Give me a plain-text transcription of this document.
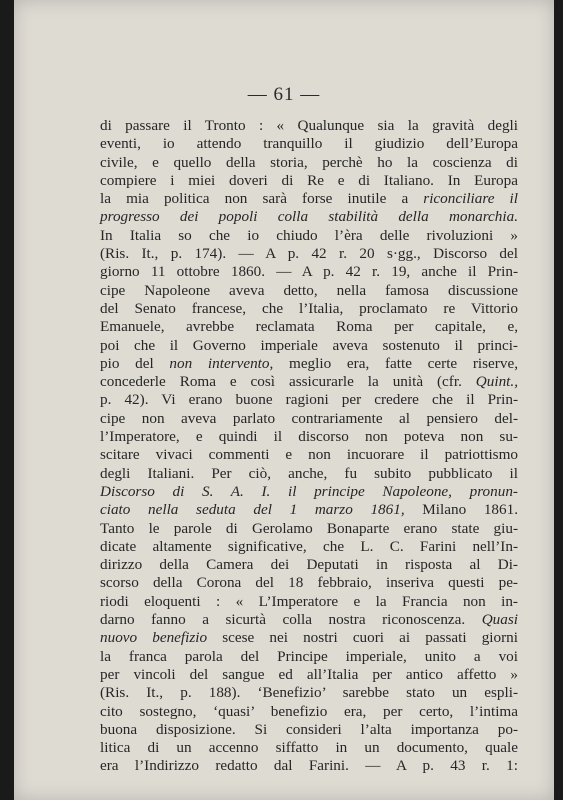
— 61 —
di passare il Tronto : « Qualunque sia la gravità degli
eventi, io attendo tranquillo il giudizio dell’Europa
civile, e quello della storia, perchè ho la coscienza di
compiere i miei doveri di Re e di Italiano. In Europa
la mia politica non sarà forse inutile a riconciliare il
progresso dei popoli colla stabilità della monarchia.
In Italia so che io chiudo l’èra delle rivoluzioni »
(Ris. It., p. 174). — A p. 42 r. 20 s·gg., Discorso del
giorno 11 ottobre 1860. — A p. 42 r. 19, anche il Prin-
cipe Napoleone aveva detto, nella famosa discussione
del Senato francese, che l’Italia, proclamato re Vittorio
Emanuele, avrebbe reclamata Roma per capitale, e,
poi che il Governo imperiale aveva sostenuto il princi-
pio del non intervento, meglio era, fatte certe riserve,
concederle Roma e così assicurarle la unità (cfr. Quint.,
p. 42). Vi erano buone ragioni per credere che il Prin-
cipe non aveva parlato contrariamente al pensiero del-
l’Imperatore, e quindi il discorso non poteva non su-
scitare vivaci commenti e non incuorare il patriottismo
degli Italiani. Per ciò, anche, fu subito pubblicato il
Discorso di S. A. I. il principe Napoleone, pronun-
ciato nella seduta del 1 marzo 1861, Milano 1861.
Tanto le parole di Gerolamo Bonaparte erano state giu-
dicate altamente significative, che L. C. Farini nell’In-
dirizzo della Camera dei Deputati in risposta al Di-
scorso della Corona del 18 febbraio, inseriva questi pe-
riodi eloquenti : « L’Imperatore e la Francia non in-
darno fanno a sicurtà colla nostra riconoscenza. Quasi
nuovo benefizio scese nei nostri cuori ai passati giorni
la franca parola del Principe imperiale, unito a voi
per vincoli del sangue ed all’Italia per antico affetto »
(Ris. It., p. 188). ‘Benefizio’ sarebbe stato un espli-
cito sostegno, ‘quasi’ benefizio era, per certo, l’intima
buona disposizione. Si consideri l’alta importanza po-
litica di un accenno siffatto in un documento, quale
era l’Indirizzo redatto dal Farini. — A p. 43 r. 1:
